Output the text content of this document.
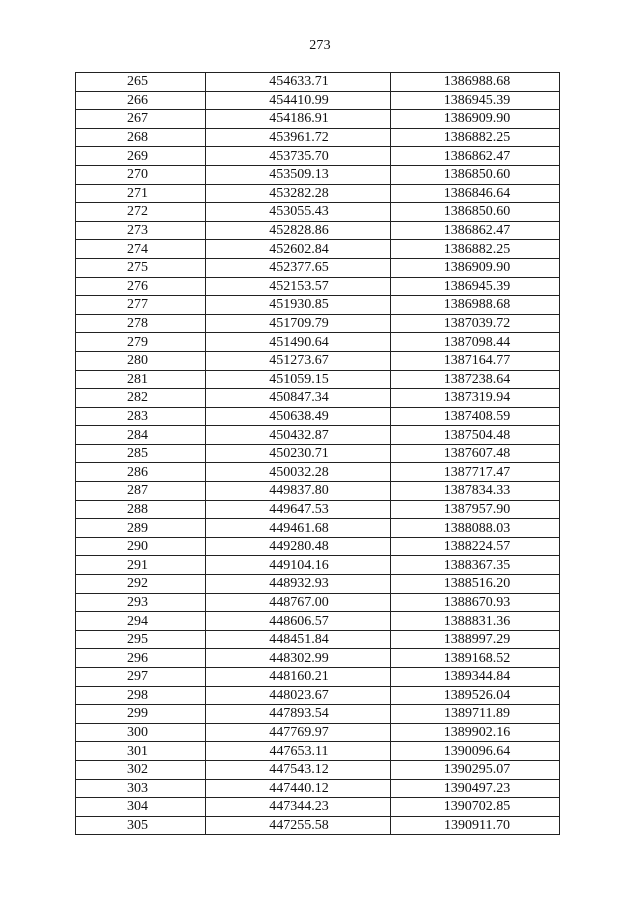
273
265	454633.71	1386988.68
266	454410.99	1386945.39
267	454186.91	1386909.90
268	453961.72	1386882.25
269	453735.70	1386862.47
270	453509.13	1386850.60
271	453282.28	1386846.64
272	453055.43	1386850.60
273	452828.86	1386862.47
274	452602.84	1386882.25
275	452377.65	1386909.90
276	452153.57	1386945.39
277	451930.85	1386988.68
278	451709.79	1387039.72
279	451490.64	1387098.44
280	451273.67	1387164.77
281	451059.15	1387238.64
282	450847.34	1387319.94
283	450638.49	1387408.59
284	450432.87	1387504.48
285	450230.71	1387607.48
286	450032.28	1387717.47
287	449837.80	1387834.33
288	449647.53	1387957.90
289	449461.68	1388088.03
290	449280.48	1388224.57
291	449104.16	1388367.35
292	448932.93	1388516.20
293	448767.00	1388670.93
294	448606.57	1388831.36
295	448451.84	1388997.29
296	448302.99	1389168.52
297	448160.21	1389344.84
298	448023.67	1389526.04
299	447893.54	1389711.89
300	447769.97	1389902.16
301	447653.11	1390096.64
302	447543.12	1390295.07
303	447440.12	1390497.23
304	447344.23	1390702.85
305	447255.58	1390911.70
